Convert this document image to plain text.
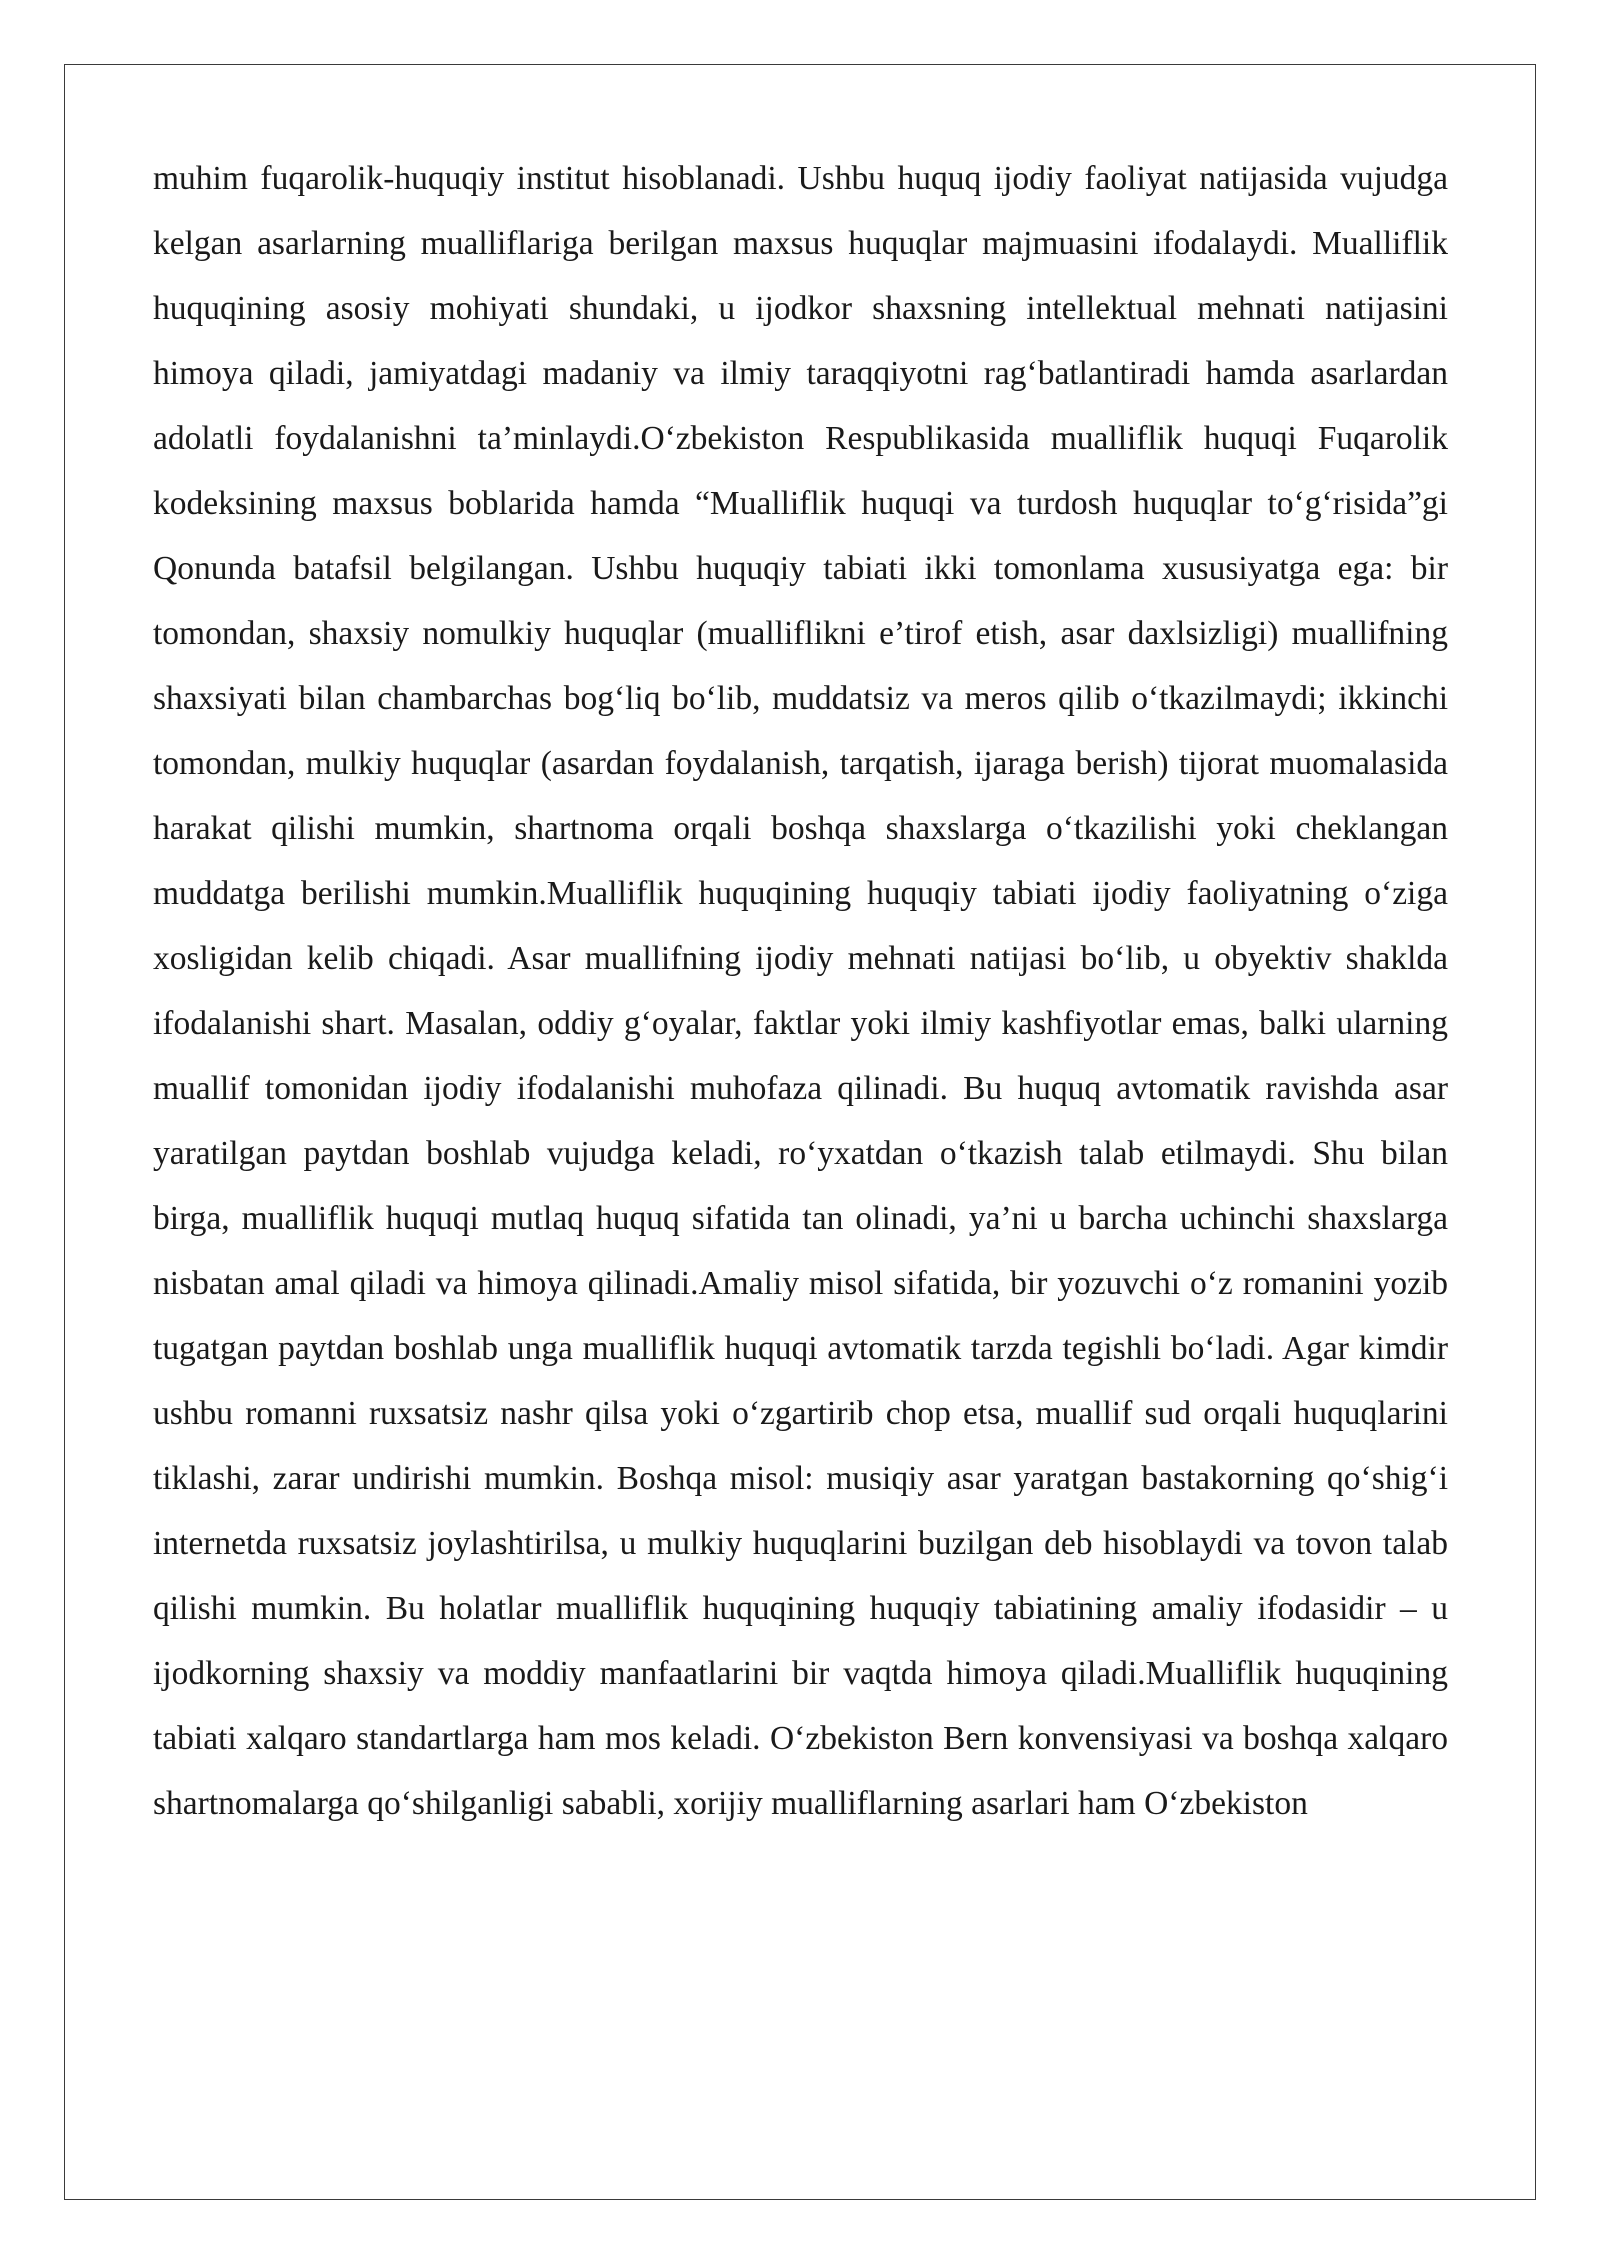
muhim fuqarolik-huquqiy institut hisoblanadi. Ushbu huquq ijodiy faoliyat natijasida vujudga kelgan asarlarning mualliflariga berilgan maxsus huquqlar majmuasini ifodalaydi. Mualliflik huquqining asosiy mohiyati shundaki, u ijodkor shaxsning intellektual mehnati natijasini himoya qiladi, jamiyatdagi madaniy va ilmiy taraqqiyotni rag‘batlantiradi hamda asarlardan adolatli foydalanishni ta’minlaydi.O‘zbekiston Respublikasida mualliflik huquqi Fuqarolik kodeksining maxsus boblarida hamda “Mualliflik huquqi va turdosh huquqlar to‘g‘risida”gi Qonunda batafsil belgilangan. Ushbu huquqiy tabiati ikki tomonlama xususiyatga ega: bir tomondan, shaxsiy nomulkiy huquqlar (mualliflikni e’tirof etish, asar daxlsizligi) muallifning shaxsiyati bilan chambarchas bog‘liq bo‘lib, muddatsiz va meros qilib o‘tkazilmaydi; ikkinchi tomondan, mulkiy huquqlar (asardan foydalanish, tarqatish, ijaraga berish) tijorat muomalasida harakat qilishi mumkin, shartnoma orqali boshqa shaxslarga o‘tkazilishi yoki cheklangan muddatga berilishi mumkin.Mualliflik huquqining huquqiy tabiati ijodiy faoliyatning o‘ziga xosligidan kelib chiqadi. Asar muallifning ijodiy mehnati natijasi bo‘lib, u obyektiv shaklda ifodalanishi shart. Masalan, oddiy g‘oyalar, faktlar yoki ilmiy kashfiyotlar emas, balki ularning muallif tomonidan ijodiy ifodalanishi muhofaza qilinadi. Bu huquq avtomatik ravishda asar yaratilgan paytdan boshlab vujudga keladi, ro‘yxatdan o‘tkazish talab etilmaydi. Shu bilan birga, mualliflik huquqi mutlaq huquq sifatida tan olinadi, ya’ni u barcha uchinchi shaxslarga nisbatan amal qiladi va himoya qilinadi.Amaliy misol sifatida, bir yozuvchi o‘z romanini yozib tugatgan paytdan boshlab unga mualliflik huquqi avtomatik tarzda tegishli bo‘ladi. Agar kimdir ushbu romanni ruxsatsiz nashr qilsa yoki o‘zgartirib chop etsa, muallif sud orqali huquqlarini tiklashi, zarar undirishi mumkin. Boshqa misol: musiqiy asar yaratgan bastakorning qo‘shig‘i internetda ruxsatsiz joylashtirilsa, u mulkiy huquqlarini buzilgan deb hisoblaydi va tovon talab qilishi mumkin. Bu holatlar mualliflik huquqining huquqiy tabiatining amaliy ifodasidir – u ijodkorning shaxsiy va moddiy manfaatlarini bir vaqtda himoya qiladi.Mualliflik huquqining tabiati xalqaro standartlarga ham mos keladi. O‘zbekiston Bern konvensiyasi va boshqa xalqaro shartnomalarga qo‘shilganligi sababli, xorijiy mualliflarning asarlari ham O‘zbekiston
